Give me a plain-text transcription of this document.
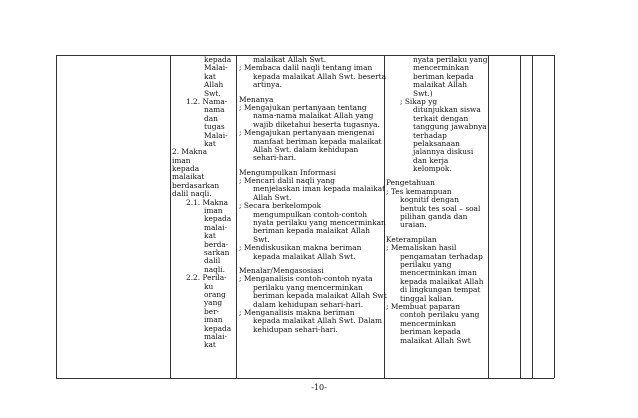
kepada
Malai-
kat
Allah
Swt.
1.2. Nama-
nama
dan
tugas
Malai-
kat
2. Makna
iman
kepada
malaikat
berdasarkan
dalil naqli.
2.1. Makna
iman
kepada
malai-
kat
berda-
sarkan
dalil
naqli.
2.2. Perila-
ku
orang
yang
ber-
iman
kepada
malai-
kat
malaikat Allah Swt.
; Membaca dalil naqli tentang iman
kepada malaikat Allah Swt. beserta
artinya.
Menanya
; Mengajukan pertanyaan tentang
nama-nama malaikat Allah yang
wajib diketahui beserta tugasnya.
; Mengajukan pertanyaan mengenai
manfaat beriman kepada malaikat
Allah Swt. dalam kehidupan
sehari-hari.
Mengumpulkan Informasi
; Mencari dalil naqli yang
menjelaskan iman kepada malaikat
Allah Swt.
; Secara berkelompok
mengumpulkan contoh-contoh
nyata perilaku yang mencerminkan
beriman kepada malaikat Allah
Swt.
; Mendiskusikan makna beriman
kepada malaikat Allah Swt.
Menalar/Mengasosiasi
; Menganalisis contoh-contoh nyata
perilaku yang mencerminkan
beriman kepada malaikat Allah Swt
dalam kehidupan sehari-hari.
; Menganalisis makna beriman
kepada malaikat Allah Swt. Dalam
kehidupan sehari-hari.
nyata perilaku yang
mencerminkan
beriman kepada
malaikat Allah
Swt.)
; Sikap yg
ditunjukkan siswa
terkait dengan
tanggung jawabnya
terhadap
pelaksanaan
jalannya diskusi
dan kerja
kelompok.
Pengetahuan
; Tes kemampuan
kognitif dengan
bentuk tes soal – soal
pilihan ganda dan
uraian.
Keterampilan
; Memaliskan hasil
pengamatan terhadap
perilaku yang
mencerminkan iman
kepada malaikat Allah
di lingkungan tempat
tinggal kalian.
; Membuat paparan
contoh perilaku yang
mencerminkan
beriman kepada
malaikat Allah Swt
-10-
